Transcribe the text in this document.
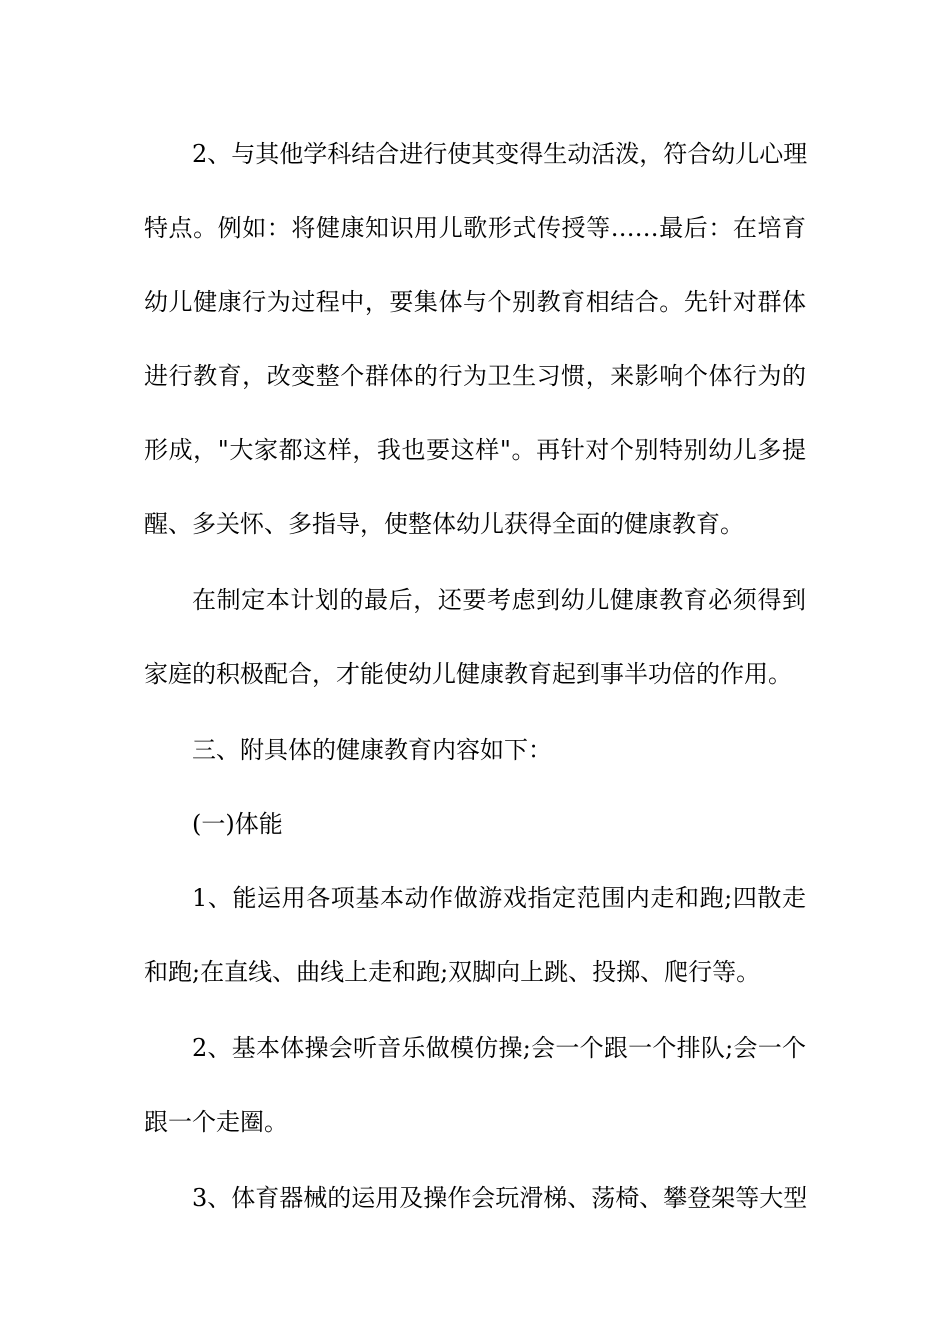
2、与其他学科结合进行使其变得生动活泼，符合幼儿心理
特点。例如：将健康知识用儿歌形式传授等……最后：在培育
幼儿健康行为过程中，要集体与个别教育相结合。先针对群体
进行教育，改变整个群体的行为卫生习惯，来影响个体行为的
形成，"大家都这样，我也要这样"。再针对个别特别幼儿多提
醒、多关怀、多指导，使整体幼儿获得全面的健康教育。
在制定本计划的最后，还要考虑到幼儿健康教育必须得到
家庭的积极配合，才能使幼儿健康教育起到事半功倍的作用。
三、附具体的健康教育内容如下：
(一)体能
1、能运用各项基本动作做游戏指定范围内走和跑;四散走
和跑;在直线、曲线上走和跑;双脚向上跳、投掷、爬行等。
2、基本体操会听音乐做模仿操;会一个跟一个排队;会一个
跟一个走圈。
3、体育器械的运用及操作会玩滑梯、荡椅、攀登架等大型
